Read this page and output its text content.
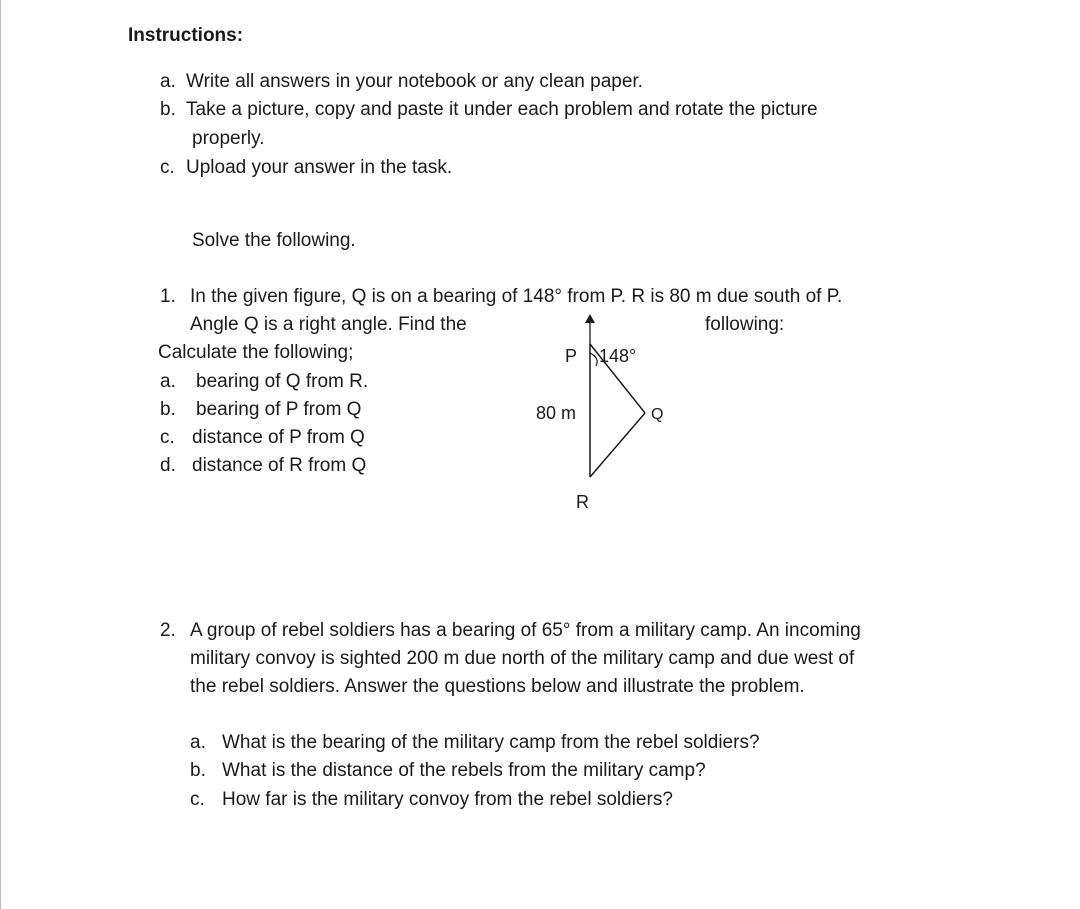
Instructions:
a. Write all answers in your notebook or any clean paper.
b. Take a picture, copy and paste it under each problem and rotate the picture
properly.
c. Upload your answer in the task.
Solve the following.
1. In the given figure, Q is on a bearing of 148° from P. R is 80 m due south of P.
Angle Q is a right angle. Find the	following:
Calculate the following;
a. bearing of Q from R.
b. bearing of P from Q
c. distance of P from Q
d. distance of R from Q
P 148°
80 m	Q
R
2. A group of rebel soldiers has a bearing of 65° from a military camp. An incoming
military convoy is sighted 200 m due north of the military camp and due west of
the rebel soldiers. Answer the questions below and illustrate the problem.
a. What is the bearing of the military camp from the rebel soldiers?
b. What is the distance of the rebels from the military camp?
c. How far is the military convoy from the rebel soldiers?
